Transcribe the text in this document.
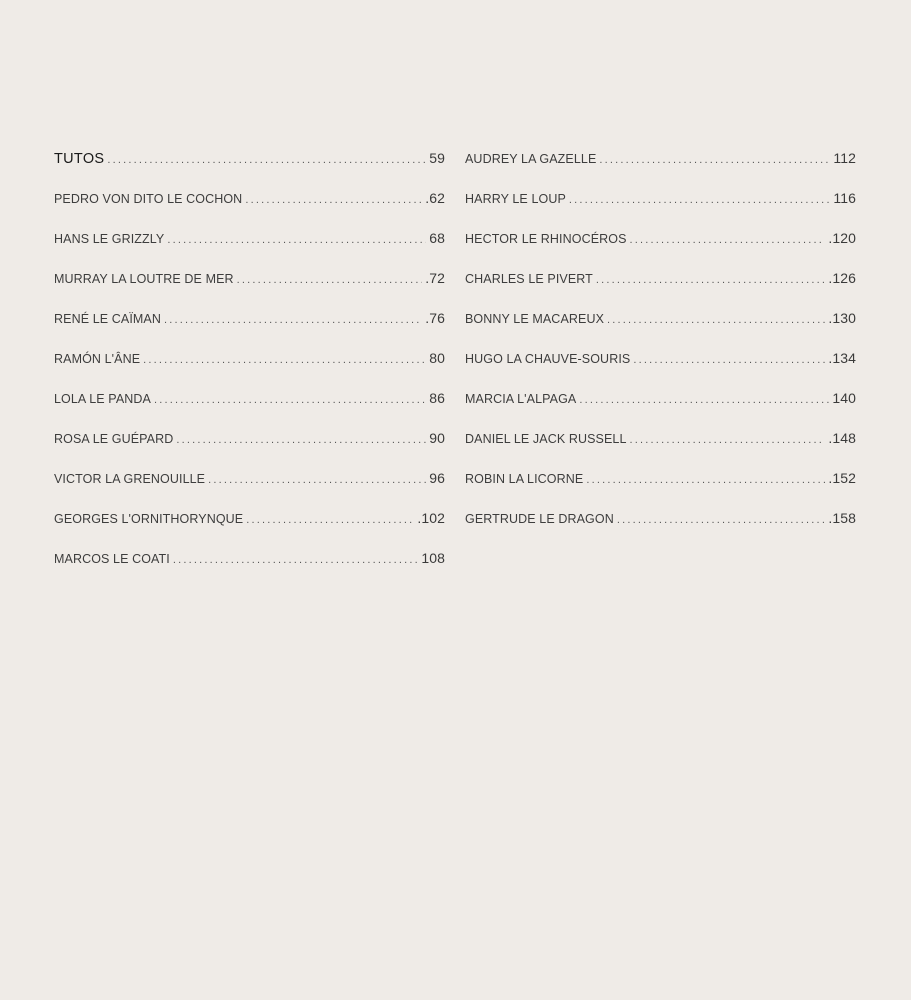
TUTOS .....	59
PEDRO VON DITO LE COCHON .....	.62
HANS LE GRIZZLY .....	68
MURRAY LA LOUTRE DE MER .....	.72
RENÉ LE CAÏMAN .....	.76
RAMÓN L'ÂNE .....	80
LOLA LE PANDA .....	86
ROSA LE GUÉPARD .....	90
VICTOR LA GRENOUILLE .....	96
GEORGES L'ORNITHORYNQUE .....	.102
MARCOS LE COATI .....	108
AUDREY LA GAZELLE .....	112
HARRY LE LOUP .....	116
HECTOR LE RHINOCÉROS .....	.120
CHARLES LE PIVERT .....	.126
BONNY LE MACAREUX .....	.130
HUGO LA CHAUVE-SOURIS .....	.134
MARCIA L'ALPAGA .....	140
DANIEL LE JACK RUSSELL .....	.148
ROBIN LA LICORNE .....	.152
GERTRUDE LE DRAGON .....	.158
